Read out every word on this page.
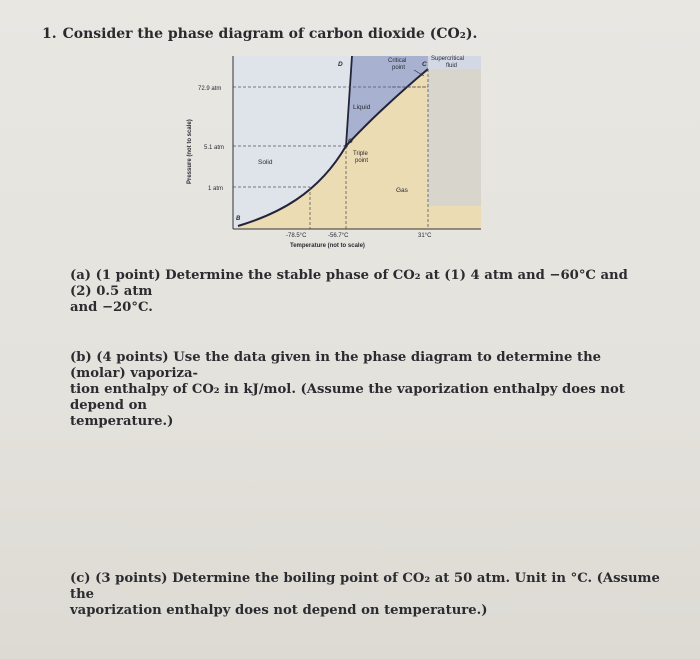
1. Consider the phase diagram of carbon dioxide (CO₂).
72.9 atm
5.1 atm
1 atm
-78.5°C	-56.7°C	31°C
Temperature (not to scale)
Pressure (not to scale)	Solid
Liquid
Gas
Critical
point
Supercritical
fluid
Triple
point
D	C
O
B
(a) (1 point) Determine the stable phase of CO₂ at (1) 4 atm and −60°C and (2) 0.5 atm
and −20°C.
(b) (4 points) Use the data given in the phase diagram to determine the (molar) vaporiza-
tion enthalpy of CO₂ in kJ/mol. (Assume the vaporization enthalpy does not depend on
temperature.)
(c) (3 points) Determine the boiling point of CO₂ at 50 atm. Unit in °C. (Assume the
vaporization enthalpy does not depend on temperature.)
